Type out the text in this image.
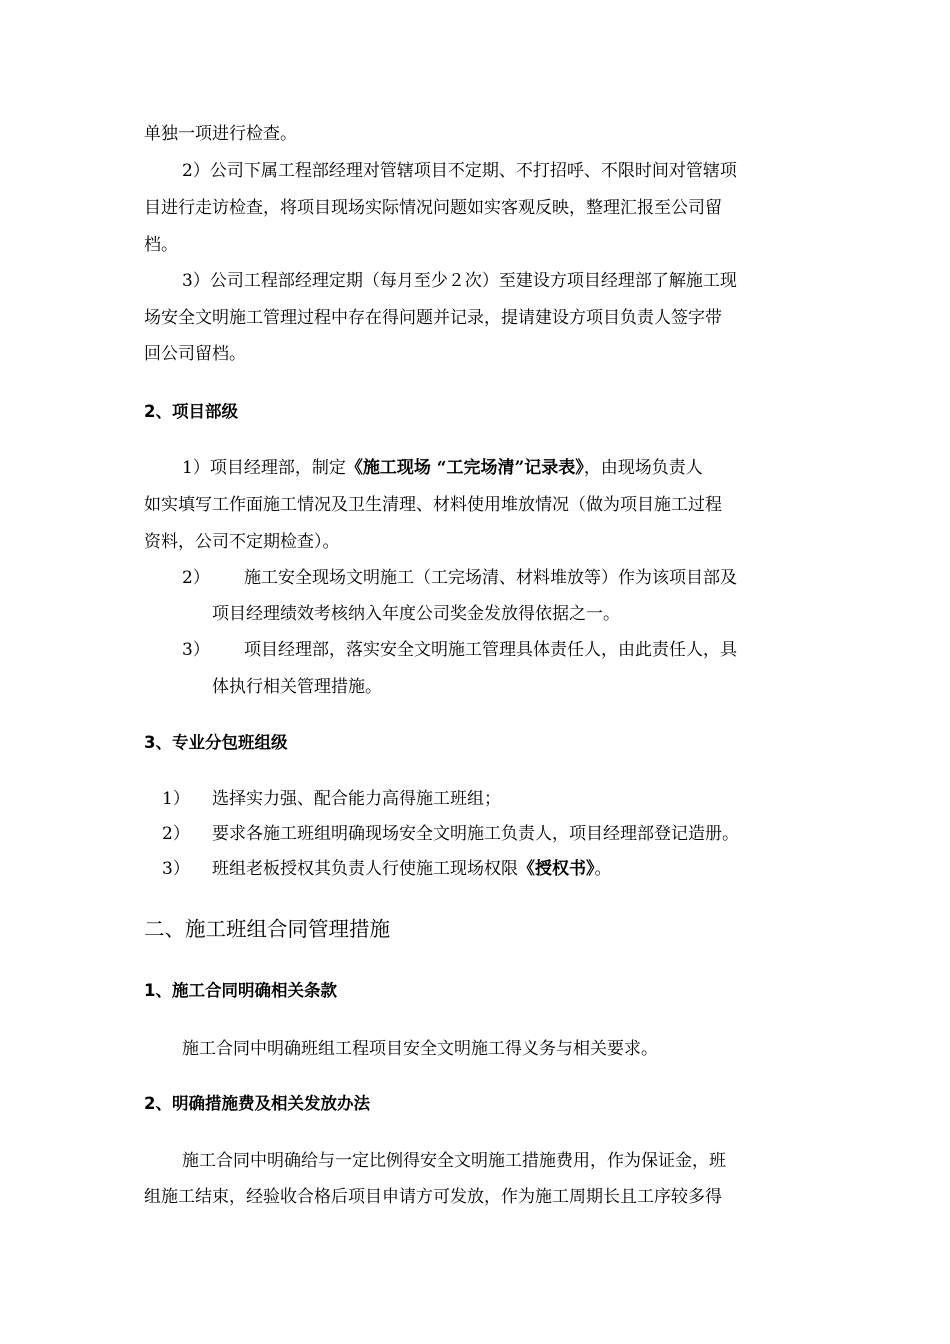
单独一项进行检查。
2）公司下属工程部经理对管辖项目不定期、不打招呼、不限时间对管辖项
目进行走访检查，将项目现场实际情况问题如实客观反映，整理汇报至公司留
档。
3）公司工程部经理定期（每月至少２次）至建设方项目经理部了解施工现
场安全文明施工管理过程中存在得问题并记录，提请建设方项目负责人签字带
回公司留档。
2、项目部级
1）项目经理部，制定《施工现场 “工完场清”记录表》，由现场负责人
如实填写工作面施工情况及卫生清理、材料使用堆放情况（做为项目施工过程
资料，公司不定期检查）。
2） 施工安全现场文明施工（工完场清、材料堆放等）作为该项目部及
项目经理绩效考核纳入年度公司奖金发放得依据之一。
3） 项目经理部，落实安全文明施工管理具体责任人，由此责任人，具
体执行相关管理措施。
3、专业分包班组级
1） 选择实力强、配合能力高得施工班组；
2） 要求各施工班组明确现场安全文明施工负责人，项目经理部登记造册。
3） 班组老板授权其负责人行使施工现场权限《授权书》。
二、施工班组合同管理措施
1、施工合同明确相关条款
施工合同中明确班组工程项目安全文明施工得义务与相关要求。
2、明确措施费及相关发放办法
施工合同中明确给与一定比例得安全文明施工措施费用，作为保证金，班
组施工结束，经验收合格后项目申请方可发放，作为施工周期长且工序较多得
